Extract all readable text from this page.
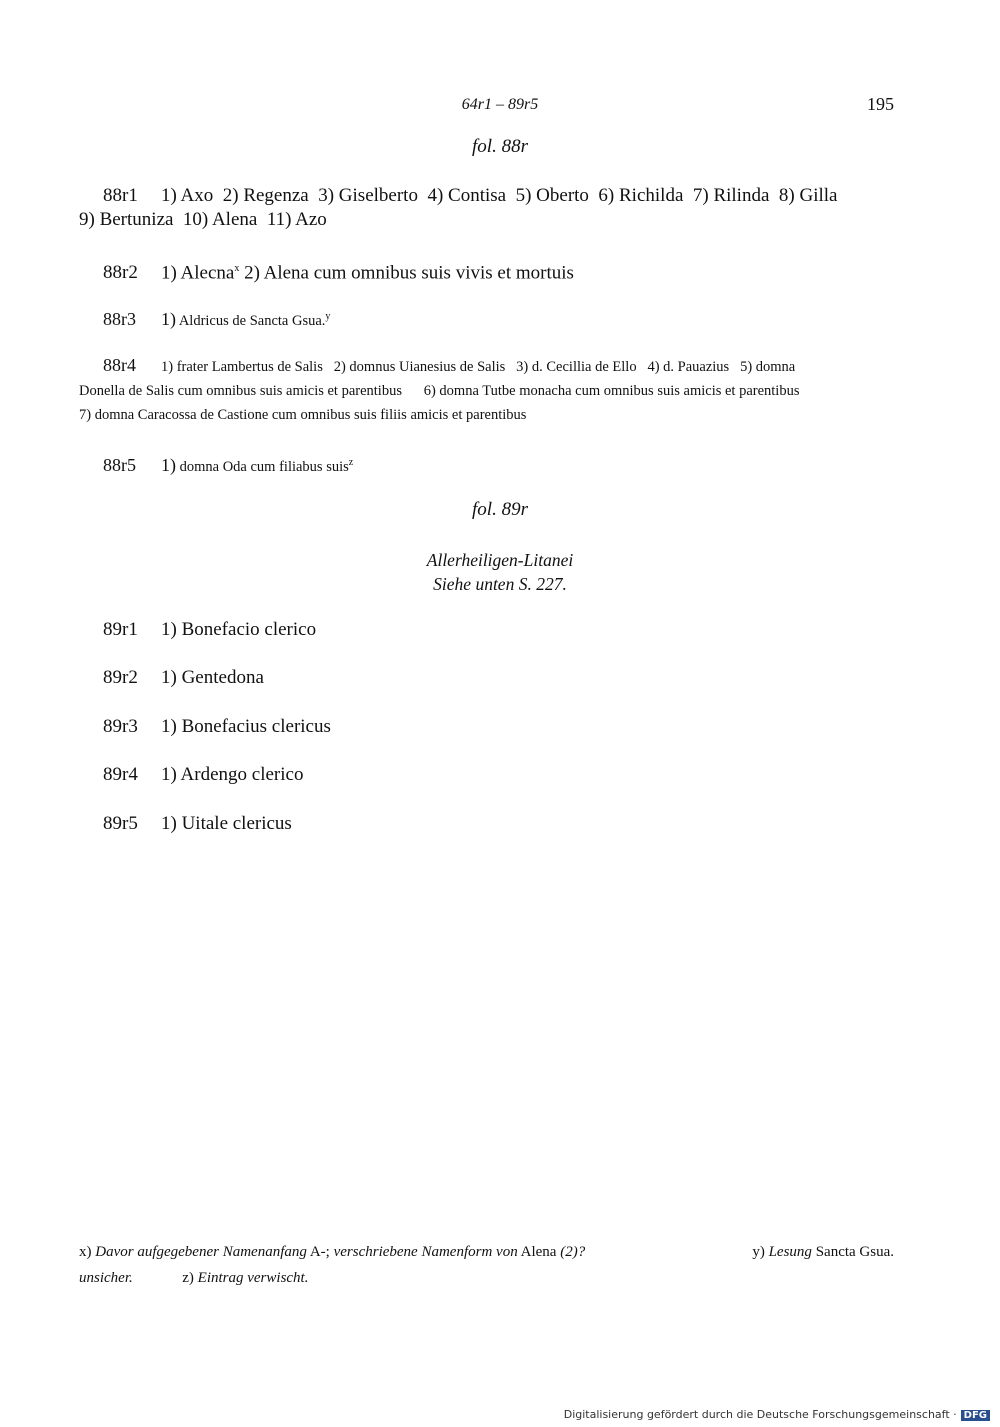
64r1 – 89r5	195
fol. 88r
88r1 1) Axo  2) Regenza  3) Giselberto  4) Contisa  5) Oberto  6) Richilda  7) Rilinda  8) Gilla
9) Bertuniza  10) Alena  11) Azo
88r2 1) Alecna$^x$ 2) Alena cum omnibus suis vivis et mortuis
88r3 1) Aldricus de Sancta Gsua.$^y$
88r4 1) frater Lambertus de Salis   2) domnus Uianesius de Salis   3) d. Cecillia de Ello   4) d. Pauazius   5) domna
Donella de Salis cum omnibus suis amicis et parentibus      6) domna Tutbe monacha cum omnibus suis amicis et parentibus
7) domna Caracossa de Castione cum omnibus suis filiis amicis et parentibus
88r5 1) domna Oda cum filiabus suis$^z$
fol. 89r
Allerheiligen-Litanei
Siehe unten S. 227.
89r1 1) Bonefacio clerico
89r2 1) Gentedona
89r3 1) Bonefacius clericus
89r4 1) Ardengo clerico
89r5 1) Uitale clericus
x) Davor aufgegebener Namenanfang A-; verschriebene Namenform von Alena (2)?	y) Lesung Sancta Gsua.
unsicher.	z) Eintrag verwischt.
Digitalisierung gefördert durch die Deutsche Forschungsgemeinschaft · DFG
